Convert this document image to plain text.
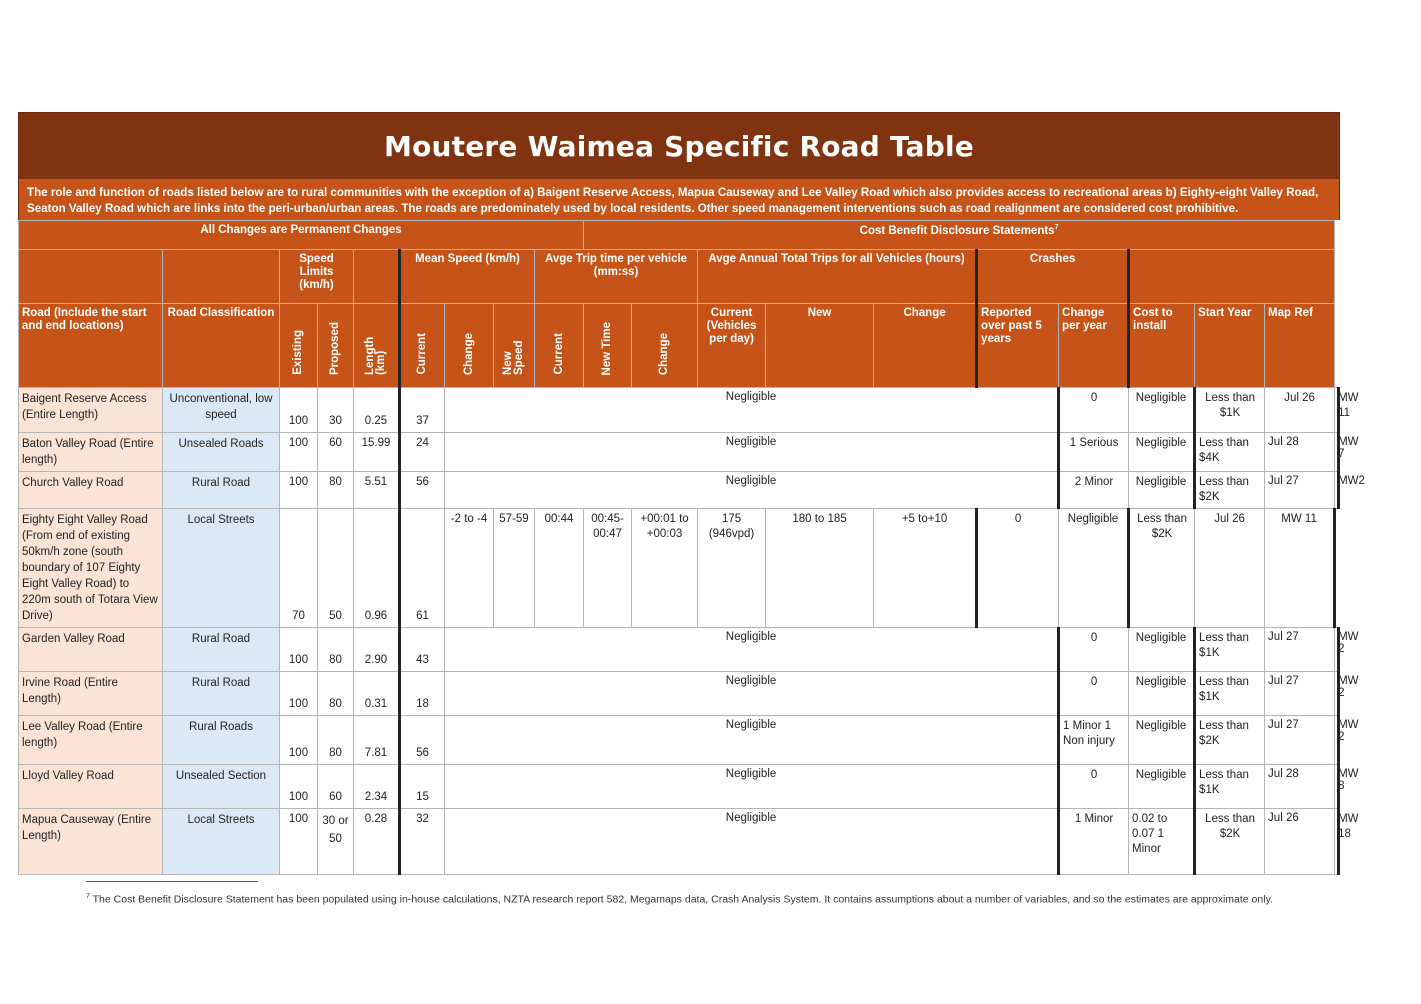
Moutere Waimea Specific Road Table
The role and function of roads listed below are to rural communities with the exception of a) Baigent Reserve Access, Mapua Causeway and Lee Valley Road which also provides access to recreational areas b) Eighty-eight Valley Road, Seaton Valley Road which are links into the peri-urban/urban areas. The roads are predominately used by local residents. Other speed management interventions such as road realignment are considered cost prohibitive.
All Changes are Permanent Changes									Cost Benefit Disclosure Statements$^7$
		Speed Limits (km/h)			Mean Speed (km/h)			Avge Trip time per vehicle (mm:ss)			Avge Annual Total Trips for all Vehicles (hours)			Crashes					
Road (Include the start and end locations)	Road Classification	Existing	Proposed	Length (km)	Current	Change	New Speed	Current	New Time	Change	Current (Vehicles per day)	New	Change	Reported over past 5 years	Change per year	Cost to install	Start Year	Map Ref	
Baigent Reserve Access (Entire Length)	Unconventional, low speed	100	30	0.25	37	Negligible									0	Negligible	Less than $1K	Jul 26	MW 11
Baton Valley Road (Entire length)	Unsealed Roads	100	60	15.99	24	Negligible									1 Serious	Negligible	Less than $4K	Jul 28	MW 7
Church Valley Road	Rural Road	100	80	5.51	56	Negligible									2 Minor	Negligible	Less than $2K	Jul 27	MW2
Eighty Eight Valley Road (From end of existing 50km/h zone (south boundary of 107 Eighty Eight Valley Road) to 220m south of Totara View Drive)	Local Streets	70	50	0.96	61	-2 to -4	57-59	00:44	00:45-00:47	+00:01 to +00:03	175 (946vpd)	180 to 185	+5 to+10	0	Negligible	Less than $2K	Jul 26	MW 11	
Garden Valley Road	Rural Road	100	80	2.90	43	Negligible									0	Negligible	Less than $1K	Jul 27	MW 2
Irvine Road (Entire Length)	Rural Road	100	80	0.31	18	Negligible									0	Negligible	Less than $1K	Jul 27	MW 2
Lee Valley Road (Entire length)	Rural Roads	100	80	7.81	56	Negligible									1 Minor 1 Non injury	Negligible	Less than $2K	Jul 27	MW 2
Lloyd Valley Road	Unsealed Section	100	60	2.34	15	Negligible									0	Negligible	Less than $1K	Jul 28	MW 8
Mapua Causeway (Entire Length)	Local Streets	100	30 or 50	0.28	32	Negligible									1 Minor	0.02 to 0.07 1 Minor	Less than $2K	Jul 26	MW 18
$^7$ The Cost Benefit Disclosure Statement has been populated using in-house calculations, NZTA research report 582, Megamaps data, Crash Analysis System. It contains assumptions about a number of variables, and so the estimates are approximate only.
